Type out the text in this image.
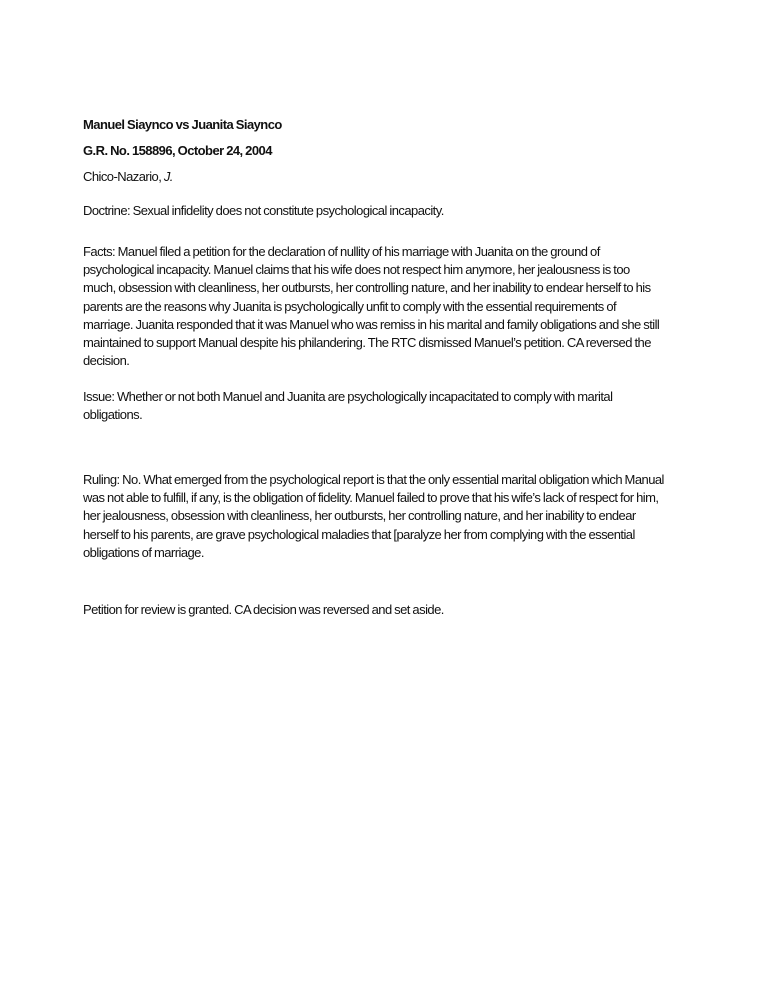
Manuel Siaynco vs Juanita Siaynco
G.R. No. 158896, October 24, 2004
Chico-Nazario, J.
Doctrine: Sexual infidelity does not constitute psychological incapacity.
Facts: Manuel filed a petition for the declaration of nullity of his marriage with Juanita on the ground of
psychological incapacity. Manuel claims that his wife does not respect him anymore, her jealousness is too
much, obsession with cleanliness, her outbursts, her controlling nature, and her inability to endear herself to his
parents are the reasons why Juanita is psychologically unfit to comply with the essential requirements of
marriage. Juanita responded that it was Manuel who was remiss in his marital and family obligations and she still
maintained to support Manual despite his philandering. The RTC dismissed Manuel’s petition. CA reversed the
decision.
Issue: Whether or not both Manuel and Juanita are psychologically incapacitated to comply with marital
obligations.
Ruling: No. What emerged from the psychological report is that the only essential marital obligation which Manual
was not able to fulfill, if any, is the obligation of fidelity. Manuel failed to prove that his wife’s lack of respect for him,
her jealousness, obsession with cleanliness, her outbursts, her controlling nature, and her inability to endear
herself to his parents, are grave psychological maladies that [paralyze her from complying with the essential
obligations of marriage.
Petition for review is granted. CA decision was reversed and set aside.
